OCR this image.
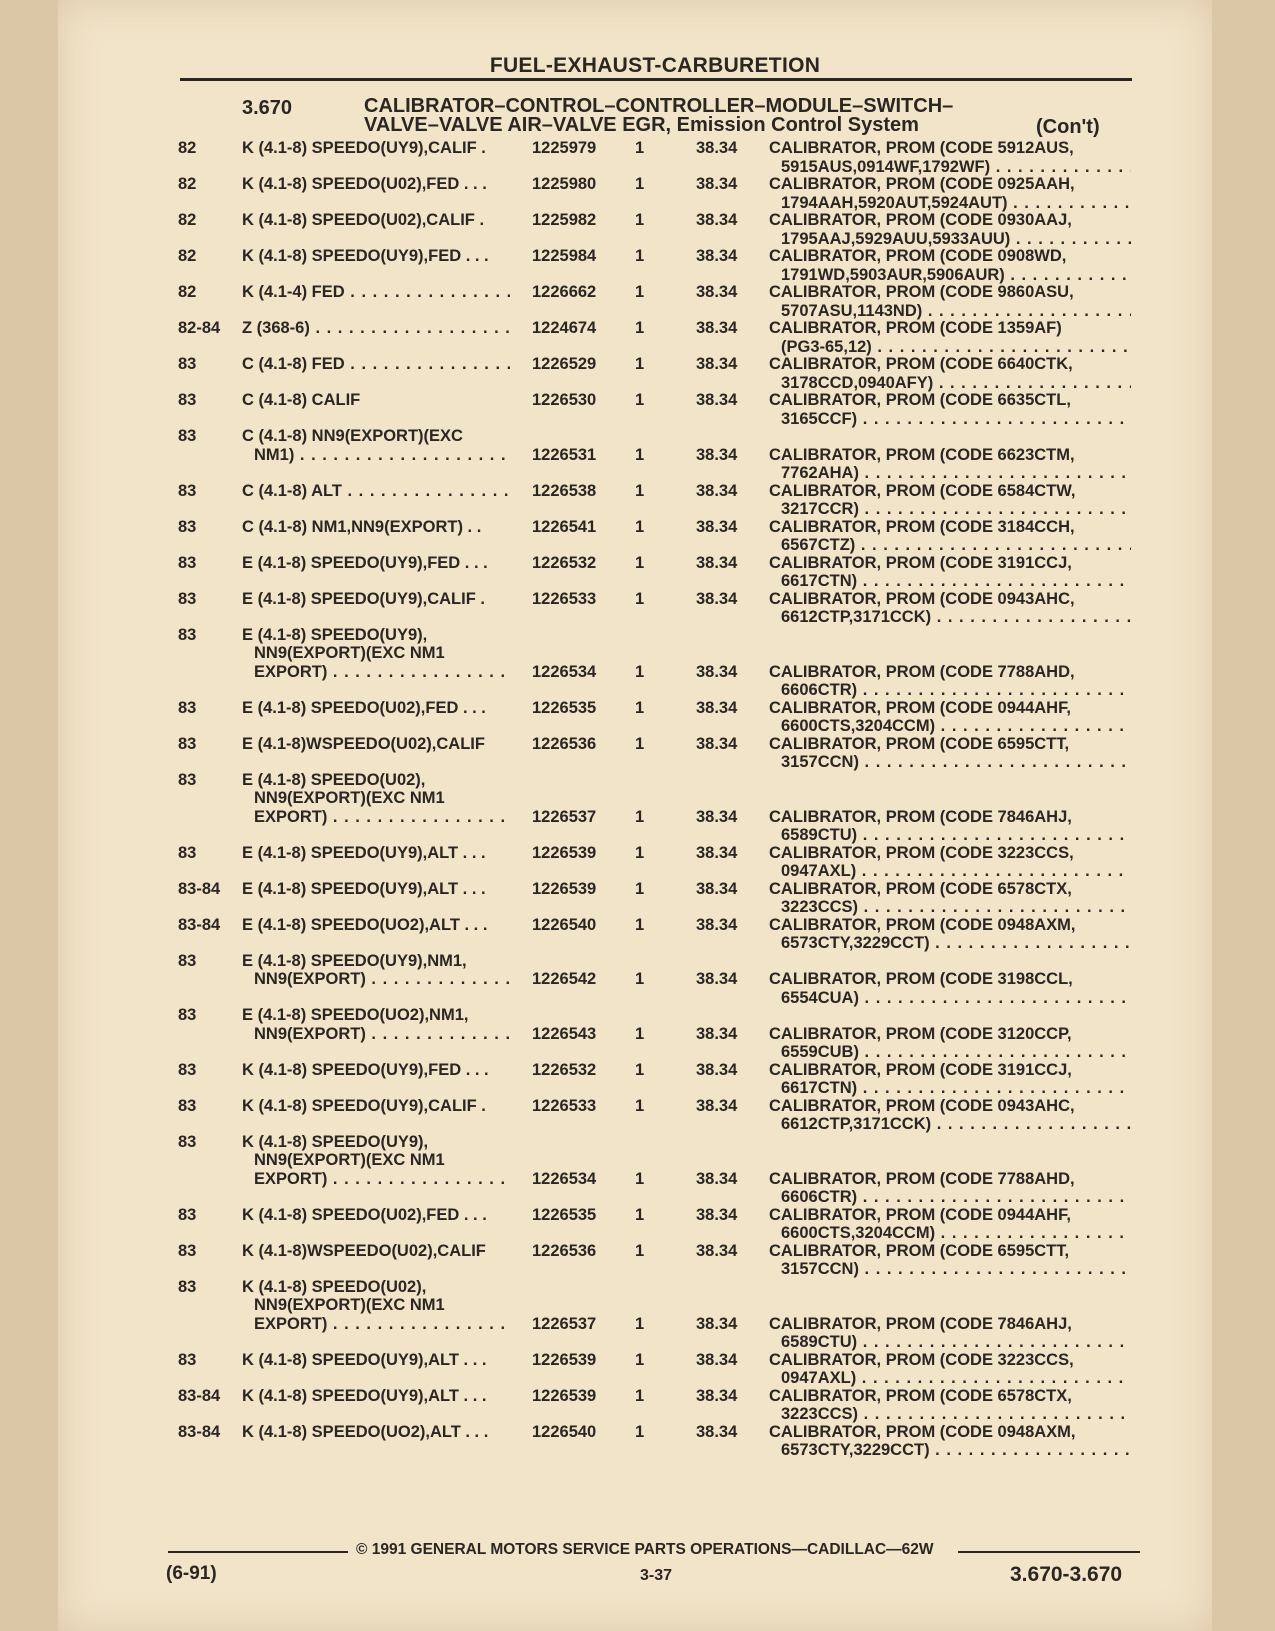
FUEL-EXHAUST-CARBURETION
3.670	CALIBRATOR–CONTROL–CONTROLLER–MODULE–SWITCH–
VALVE–VALVE AIR–VALVE EGR, Emission Control System	(Con't)
82	K (4.1-8) SPEEDO(UY9),CALIF .	1225979 1	38.34 CALIBRATOR, PROM (CODE 5912AUS,
5915AUS,0914WF,1792WF) . . .
82	K (4.1-8) SPEEDO(U02),FED . . .	1225980 1	38.34 CALIBRATOR, PROM (CODE 0925AAH,
1794AAH,5920AUT,5924AUT) . . .
82	K (4.1-8) SPEEDO(U02),CALIF .	1225982 1	38.34 CALIBRATOR, PROM (CODE 0930AAJ,
1795AAJ,5929AUU,5933AUU) . . .
82	K (4.1-8) SPEEDO(UY9),FED . . .	1225984 1	38.34 CALIBRATOR, PROM (CODE 0908WD,
1791WD,5903AUR,5906AUR) . . .
82	K (4.1-4) FED . . .	1226662 1	38.34 CALIBRATOR, PROM (CODE 9860ASU,
5707ASU,1143ND) . . .
82-84	Z (368-6) . . .	1224674 1	38.34 CALIBRATOR, PROM (CODE 1359AF)
(PG3-65,12) . . .
83	C (4.1-8) FED . . .	1226529 1	38.34 CALIBRATOR, PROM (CODE 6640CTK,
3178CCD,0940AFY) . . .
83	C (4.1-8) CALIF	1226530 1	38.34 CALIBRATOR, PROM (CODE 6635CTL,
3165CCF) . . .
83	C (4.1-8) NN9(EXPORT)(EXC
NM1) . . .	1226531 1	38.34 CALIBRATOR, PROM (CODE 6623CTM,
7762AHA) . . .
83	C (4.1-8) ALT . . .	1226538 1	38.34 CALIBRATOR, PROM (CODE 6584CTW,
3217CCR) . . .
83	C (4.1-8) NM1,NN9(EXPORT) . .	1226541 1	38.34 CALIBRATOR, PROM (CODE 3184CCH,
6567CTZ) . . .
83	E (4.1-8) SPEEDO(UY9),FED . . .	1226532 1	38.34 CALIBRATOR, PROM (CODE 3191CCJ,
6617CTN) . . .
83	E (4.1-8) SPEEDO(UY9),CALIF .	1226533 1	38.34 CALIBRATOR, PROM (CODE 0943AHC,
6612CTP,3171CCK) . . .
83	E (4.1-8) SPEEDO(UY9),
NN9(EXPORT)(EXC NM1
EXPORT) . . .	1226534 1	38.34 CALIBRATOR, PROM (CODE 7788AHD,
6606CTR) . . .
83	E (4.1-8) SPEEDO(U02),FED . . .	1226535 1	38.34 CALIBRATOR, PROM (CODE 0944AHF,
6600CTS,3204CCM) . . .
83	E (4.1-8)WSPEEDO(U02),CALIF	1226536 1	38.34 CALIBRATOR, PROM (CODE 6595CTT,
3157CCN) . . .
83	E (4.1-8) SPEEDO(U02),
NN9(EXPORT)(EXC NM1
EXPORT) . . .	1226537 1	38.34 CALIBRATOR, PROM (CODE 7846AHJ,
6589CTU) . . .
83	E (4.1-8) SPEEDO(UY9),ALT . . .	1226539 1	38.34 CALIBRATOR, PROM (CODE 3223CCS,
0947AXL) . . .
83-84	E (4.1-8) SPEEDO(UY9),ALT . . .	1226539 1	38.34 CALIBRATOR, PROM (CODE 6578CTX,
3223CCS) . . .
83-84	E (4.1-8) SPEEDO(UO2),ALT . . .	1226540 1	38.34 CALIBRATOR, PROM (CODE 0948AXM,
6573CTY,3229CCT) . . .
83	E (4.1-8) SPEEDO(UY9),NM1,
NN9(EXPORT) . . .	1226542 1	38.34 CALIBRATOR, PROM (CODE 3198CCL,
6554CUA) . . .
83	E (4.1-8) SPEEDO(UO2),NM1,
NN9(EXPORT) . . .	1226543 1	38.34 CALIBRATOR, PROM (CODE 3120CCP,
6559CUB) . . .
83	K (4.1-8) SPEEDO(UY9),FED . . .	1226532 1	38.34 CALIBRATOR, PROM (CODE 3191CCJ,
6617CTN) . . .
83	K (4.1-8) SPEEDO(UY9),CALIF .	1226533 1	38.34 CALIBRATOR, PROM (CODE 0943AHC,
6612CTP,3171CCK) . . .
83	K (4.1-8) SPEEDO(UY9),
NN9(EXPORT)(EXC NM1
EXPORT) . . .	1226534 1	38.34 CALIBRATOR, PROM (CODE 7788AHD,
6606CTR) . . .
83	K (4.1-8) SPEEDO(U02),FED . . .	1226535 1	38.34 CALIBRATOR, PROM (CODE 0944AHF,
6600CTS,3204CCM) . . .
83	K (4.1-8)WSPEEDO(U02),CALIF	1226536 1	38.34 CALIBRATOR, PROM (CODE 6595CTT,
3157CCN) . . .
83	K (4.1-8) SPEEDO(U02),
NN9(EXPORT)(EXC NM1
EXPORT) . . .	1226537 1	38.34 CALIBRATOR, PROM (CODE 7846AHJ,
6589CTU) . . .
83	K (4.1-8) SPEEDO(UY9),ALT . . .	1226539 1	38.34 CALIBRATOR, PROM (CODE 3223CCS,
0947AXL) . . .
83-84	K (4.1-8) SPEEDO(UY9),ALT . . .	1226539 1	38.34 CALIBRATOR, PROM (CODE 6578CTX,
3223CCS) . . .
83-84	K (4.1-8) SPEEDO(UO2),ALT . . .	1226540 1	38.34 CALIBRATOR, PROM (CODE 0948AXM,
6573CTY,3229CCT) . . .
© 1991 GENERAL MOTORS SERVICE PARTS OPERATIONS—CADILLAC—62W
(6-91)	3-37	3.670-3.670
